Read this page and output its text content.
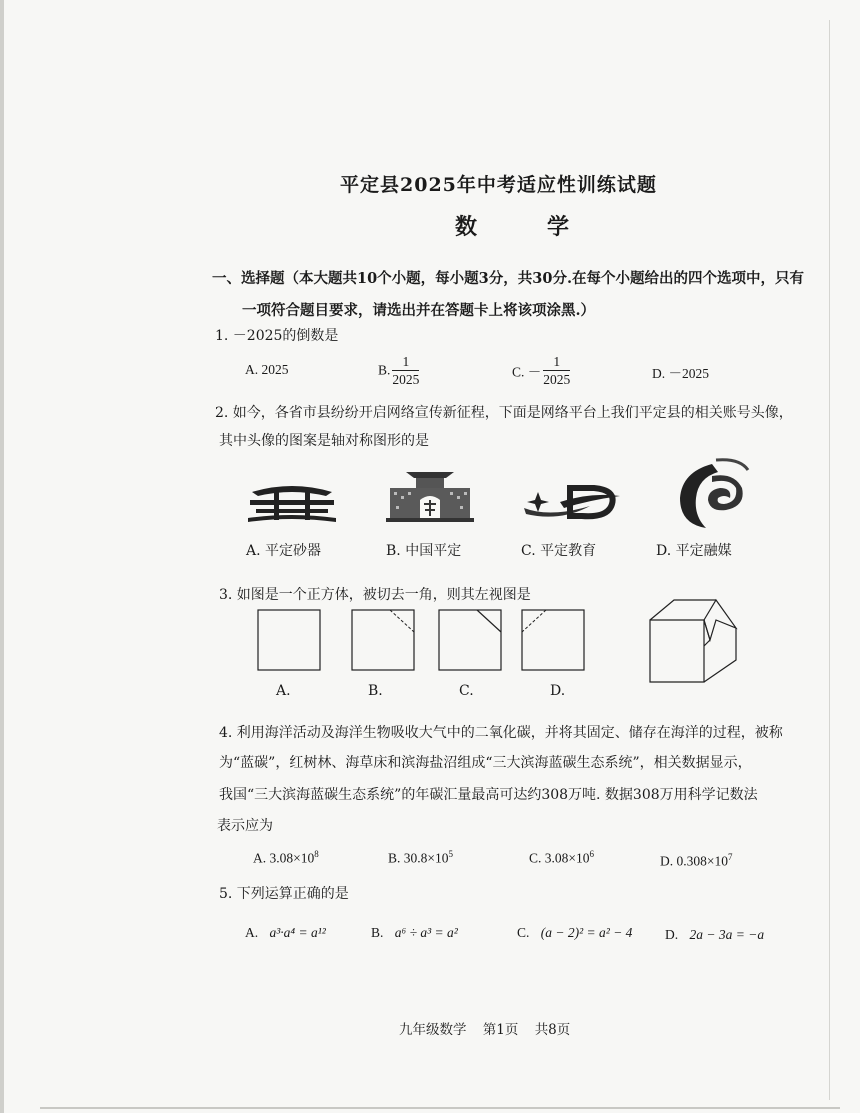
平定县2025年中考适应性训练试题
数学
一、选择题（本大题共10个小题，每小题3分，共30分.在每个小题给出的四个选项中，只有
一项符合题目要求，请选出并在答题卡上将该项涂黑.）
1. －2025的倒数是
A. 2025	B. $\frac{1}{2025}$	C. － $\frac{1}{2025}$	D. －2025
2. 如今，各省市县纷纷开启网络宣传新征程，下面是网络平台上我们平定县的相关账号头像，
其中头像的图案是轴对称图形的是
A. 平定砂器	B. 中国平定	C. 平定教育	D. 平定融媒
3. 如图是一个正方体，被切去一角，则其左视图是
A.	B.	C.	D.
4. 利用海洋活动及海洋生物吸收大气中的二氧化碳，并将其固定、储存在海洋的过程，被称
为“蓝碳”，红树林、海草床和滨海盐沼组成“三大滨海蓝碳生态系统”，相关数据显示，
我国“三大滨海蓝碳生态系统”的年碳汇量最高可达约308万吨. 数据308万用科学记数法
表示应为
A. $3.08\times 10^8$	B. $30.8\times 10^5$	C. $3.08\times 10^6$	D. $0.308\times 10^7$
5. 下列运算正确的是
A. a³·a⁴ = a¹²	B. a⁶ ÷ a³ = a²	C. (a − 2)² = a² − 4 D. 2a − 3a = −a
九年级数学 第1页 共8页
